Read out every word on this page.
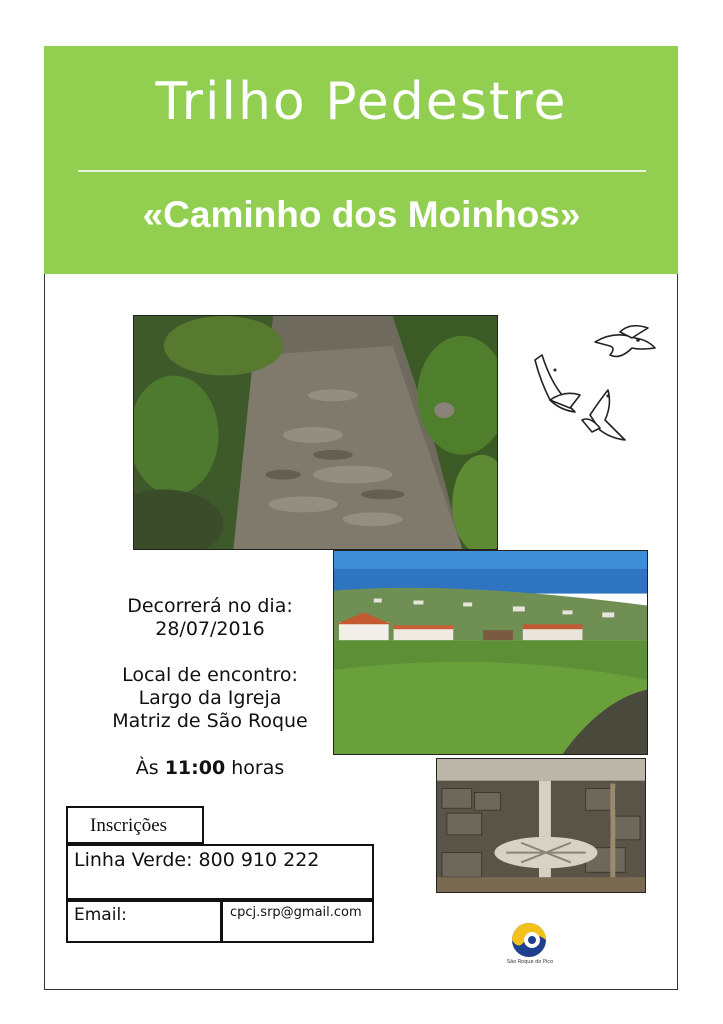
Trilho Pedestre
«Caminho dos Moinhos»
Decorrerá no dia:
28/07/2016
Local de encontro:
Largo da Igreja
Matriz de São Roque
Às 11:00 horas
Inscrições
Linha Verde: 800 910 222
Email:	cpcj.srp@gmail.com
São Roque do Pico
